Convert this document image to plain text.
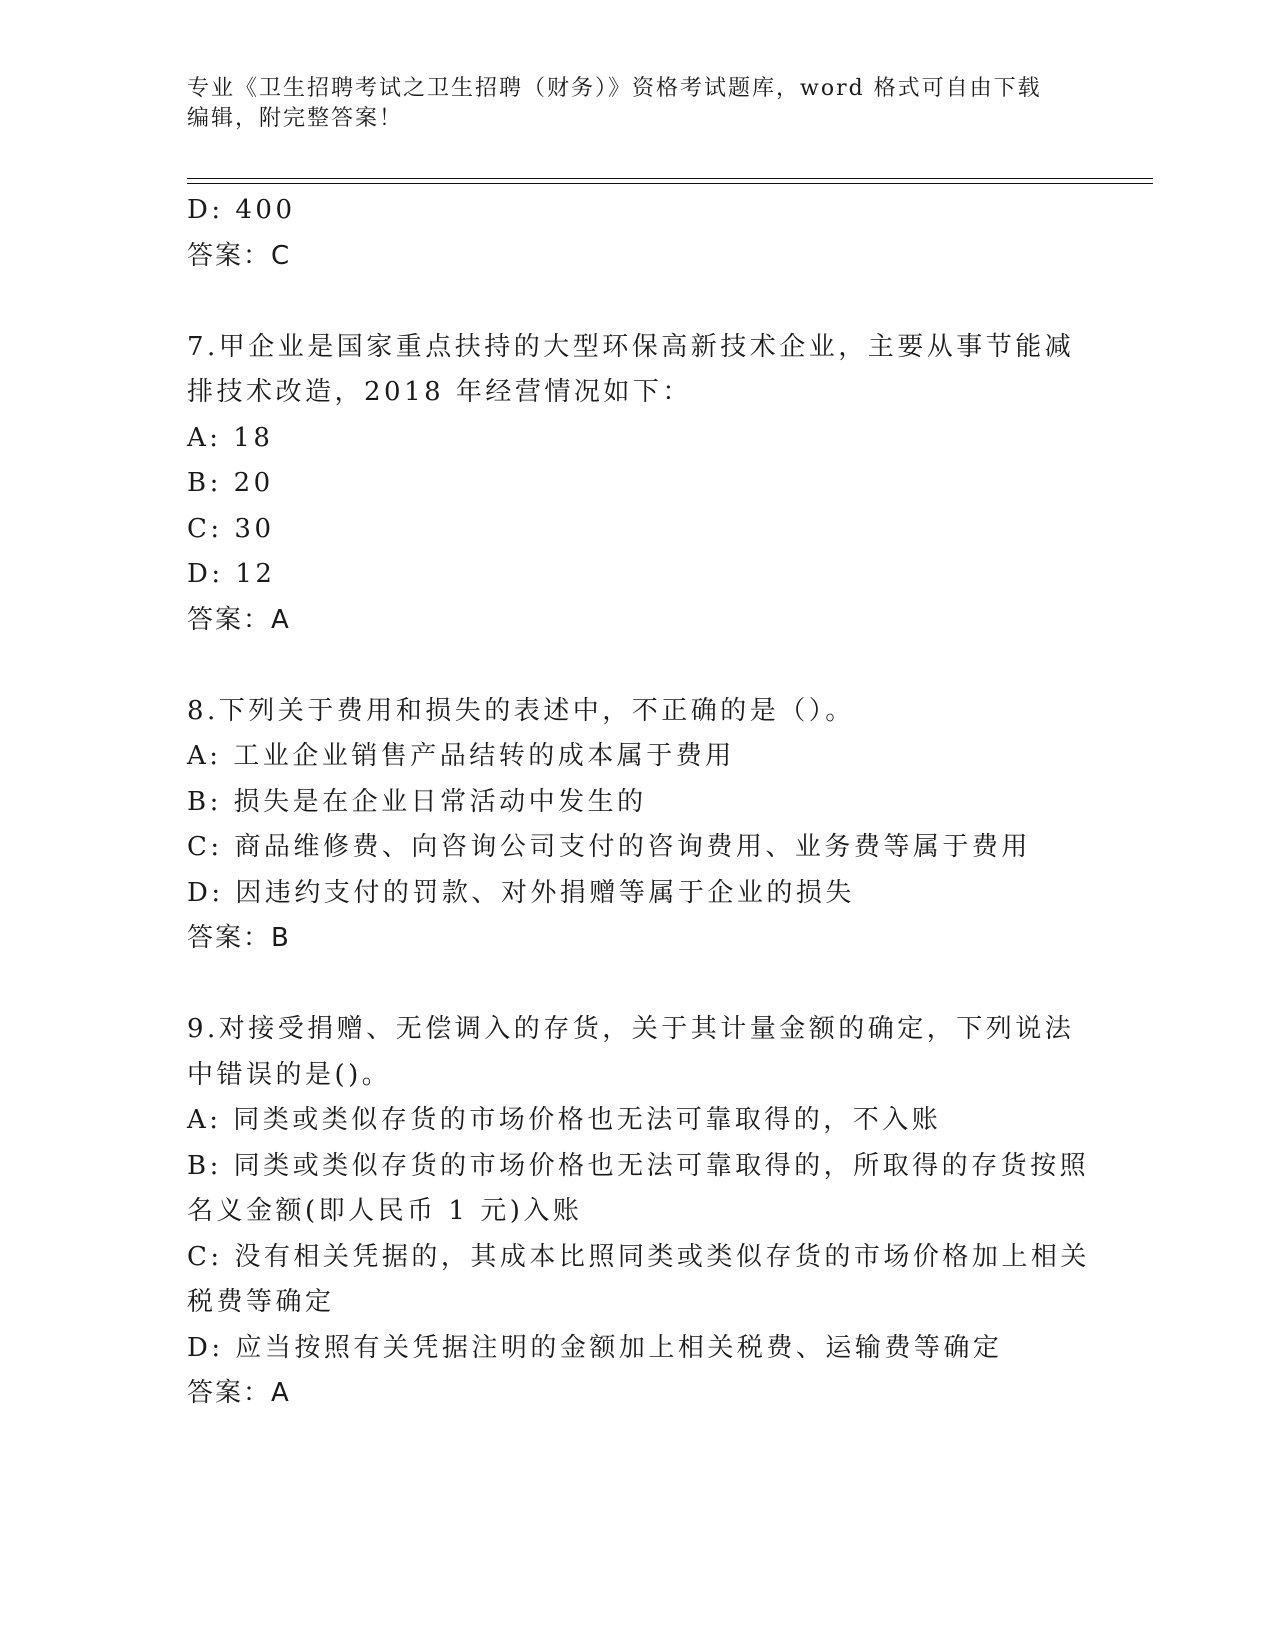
专业《卫生招聘考试之卫生招聘（财务）》资格考试题库，word 格式可自由下载
编辑，附完整答案！
D: 400
答案：C
7.甲企业是国家重点扶持的大型环保高新技术企业，主要从事节能减
排技术改造，2018 年经营情况如下：
A: 18
B: 20
C: 30
D: 12
答案：A
8.下列关于费用和损失的表述中，不正确的是（）。
A: 工业企业销售产品结转的成本属于费用
B: 损失是在企业日常活动中发生的
C: 商品维修费、向咨询公司支付的咨询费用、业务费等属于费用
D: 因违约支付的罚款、对外捐赠等属于企业的损失
答案：B
9.对接受捐赠、无偿调入的存货，关于其计量金额的确定，下列说法
中错误的是()。
A: 同类或类似存货的市场价格也无法可靠取得的，不入账
B: 同类或类似存货的市场价格也无法可靠取得的，所取得的存货按照
名义金额(即人民币 1 元)入账
C: 没有相关凭据的，其成本比照同类或类似存货的市场价格加上相关
税费等确定
D: 应当按照有关凭据注明的金额加上相关税费、运输费等确定
答案：A
